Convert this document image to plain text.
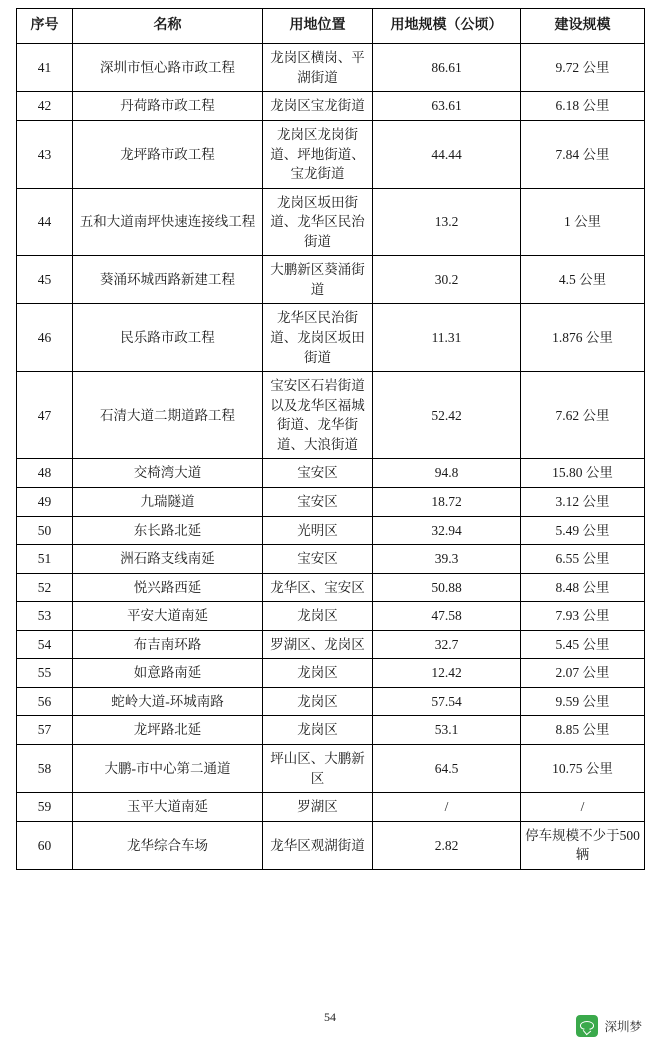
序号	名称	用地位置	用地规模（公顷）	建设规模
41	深圳市恒心路市政工程	龙岗区横岗、平湖街道	86.61	9.72 公里
42	丹荷路市政工程	龙岗区宝龙街道	63.61	6.18 公里
43	龙坪路市政工程	龙岗区龙岗街道、坪地街道、宝龙街道	44.44	7.84 公里
44	五和大道南坪快速连接线工程	龙岗区坂田街道、龙华区民治街道	13.2	1 公里
45	葵涌环城西路新建工程	大鹏新区葵涌街道	30.2	4.5 公里
46	民乐路市政工程	龙华区民治街道、龙岗区坂田街道	11.31	1.876 公里
47	石清大道二期道路工程	宝安区石岩街道以及龙华区福城街道、龙华街道、大浪街道	52.42	7.62 公里
48	交椅湾大道	宝安区	94.8	15.80 公里
49	九瑞隧道	宝安区	18.72	3.12 公里
50	东长路北延	光明区	32.94	5.49 公里
51	洲石路支线南延	宝安区	39.3	6.55 公里
52	悦兴路西延	龙华区、宝安区	50.88	8.48 公里
53	平安大道南延	龙岗区	47.58	7.93 公里
54	布吉南环路	罗湖区、龙岗区	32.7	5.45 公里
55	如意路南延	龙岗区	12.42	2.07 公里
56	蛇岭大道-环城南路	龙岗区	57.54	9.59 公里
57	龙坪路北延	龙岗区	53.1	8.85 公里
58	大鹏-市中心第二通道	坪山区、大鹏新区	64.5	10.75 公里
59	玉平大道南延	罗湖区	/	/
60	龙华综合车场	龙华区观湖街道	2.82	停车规模不少于500 辆
54
深圳梦
